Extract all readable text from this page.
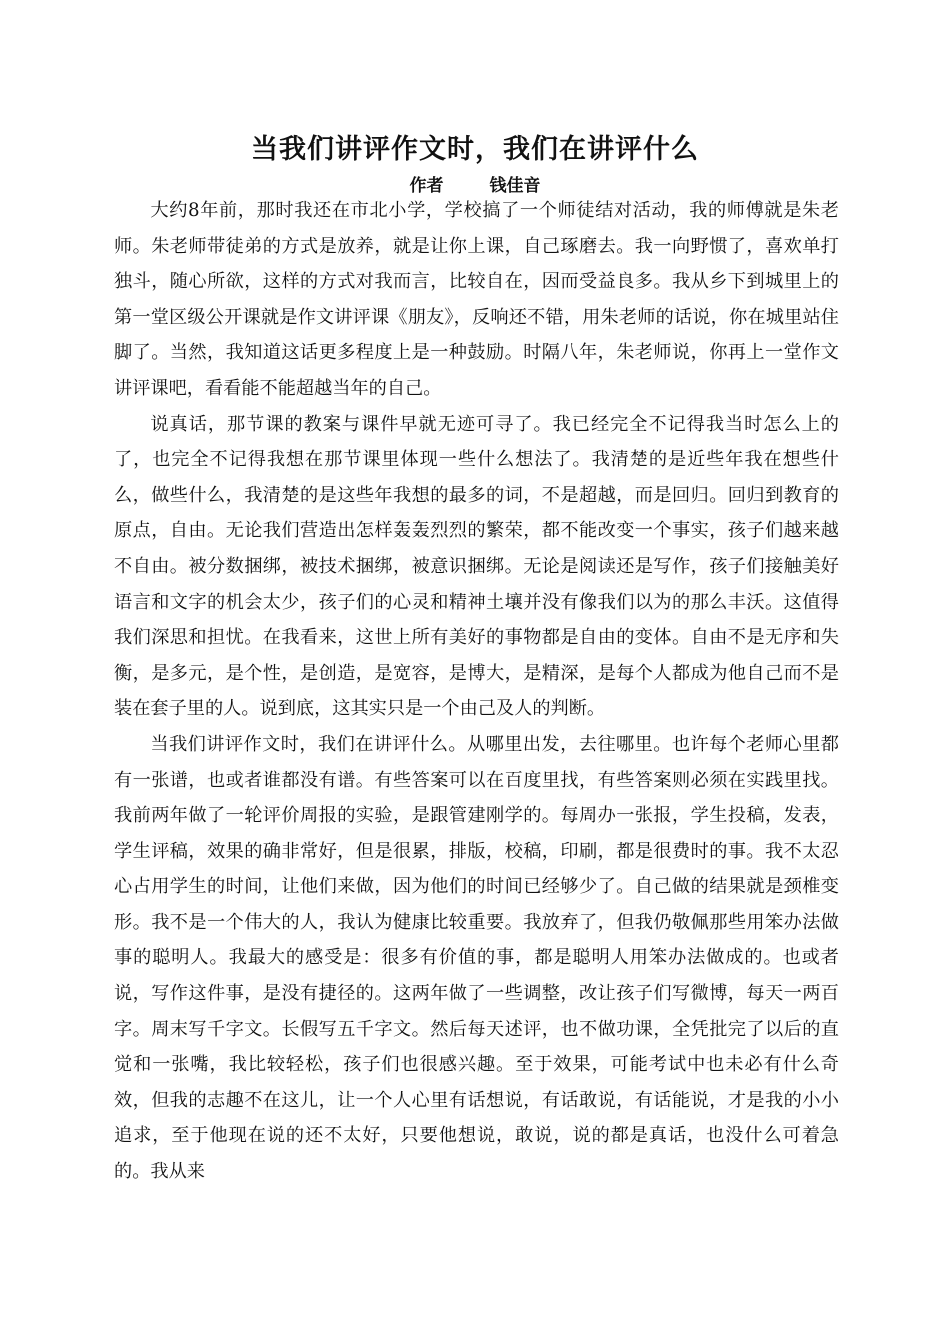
当我们讲评作文时，我们在讲评什么
作者	钱佳音

大约8年前，那时我还在市北小学，学校搞了一个师徒结对活动，我的师傅就是朱老师。朱老师带徒弟的方式是放养，就是让你上课，自己琢磨去。我一向野惯了，喜欢单打独斗，随心所欲，这样的方式对我而言，比较自在，因而受益良多。我从乡下到城里上的第一堂区级公开课就是作文讲评课《朋友》，反响还不错，用朱老师的话说，你在城里站住脚了。当然，我知道这话更多程度上是一种鼓励。时隔八年，朱老师说，你再上一堂作文讲评课吧，看看能不能超越当年的自己。

说真话，那节课的教案与课件早就无迹可寻了。我已经完全不记得我当时怎么上的了，也完全不记得我想在那节课里体现一些什么想法了。我清楚的是近些年我在想些什么，做些什么，我清楚的是这些年我想的最多的词，不是超越，而是回归。回归到教育的原点，自由。无论我们营造出怎样轰轰烈烈的繁荣，都不能改变一个事实，孩子们越来越不自由。被分数捆绑，被技术捆绑，被意识捆绑。无论是阅读还是写作，孩子们接触美好语言和文字的机会太少，孩子们的心灵和精神土壤并没有像我们以为的那么丰沃。这值得我们深思和担忧。在我看来，这世上所有美好的事物都是自由的变体。自由不是无序和失衡，是多元，是个性，是创造，是宽容，是博大，是精深，是每个人都成为他自己而不是装在套子里的人。说到底，这其实只是一个由己及人的判断。

当我们讲评作文时，我们在讲评什么。从哪里出发，去往哪里。也许每个老师心里都有一张谱，也或者谁都没有谱。有些答案可以在百度里找，有些答案则必须在实践里找。我前两年做了一轮评价周报的实验，是跟管建刚学的。每周办一张报，学生投稿，发表，学生评稿，效果的确非常好，但是很累，排版，校稿，印刷，都是很费时的事。我不太忍心占用学生的时间，让他们来做，因为他们的时间已经够少了。自己做的结果就是颈椎变形。我不是一个伟大的人，我认为健康比较重要。我放弃了，但我仍敬佩那些用笨办法做事的聪明人。我最大的感受是：很多有价值的事，都是聪明人用笨办法做成的。也或者说，写作这件事，是没有捷径的。这两年做了一些调整，改让孩子们写微博，每天一两百字。周末写千字文。长假写五千字文。然后每天述评，也不做功课，全凭批完了以后的直觉和一张嘴，我比较轻松，孩子们也很感兴趣。至于效果，可能考试中也未必有什么奇效，但我的志趣不在这儿，让一个人心里有话想说，有话敢说，有话能说，才是我的小小追求，至于他现在说的还不太好，只要他想说，敢说，说的都是真话，也没什么可着急的。我从来
